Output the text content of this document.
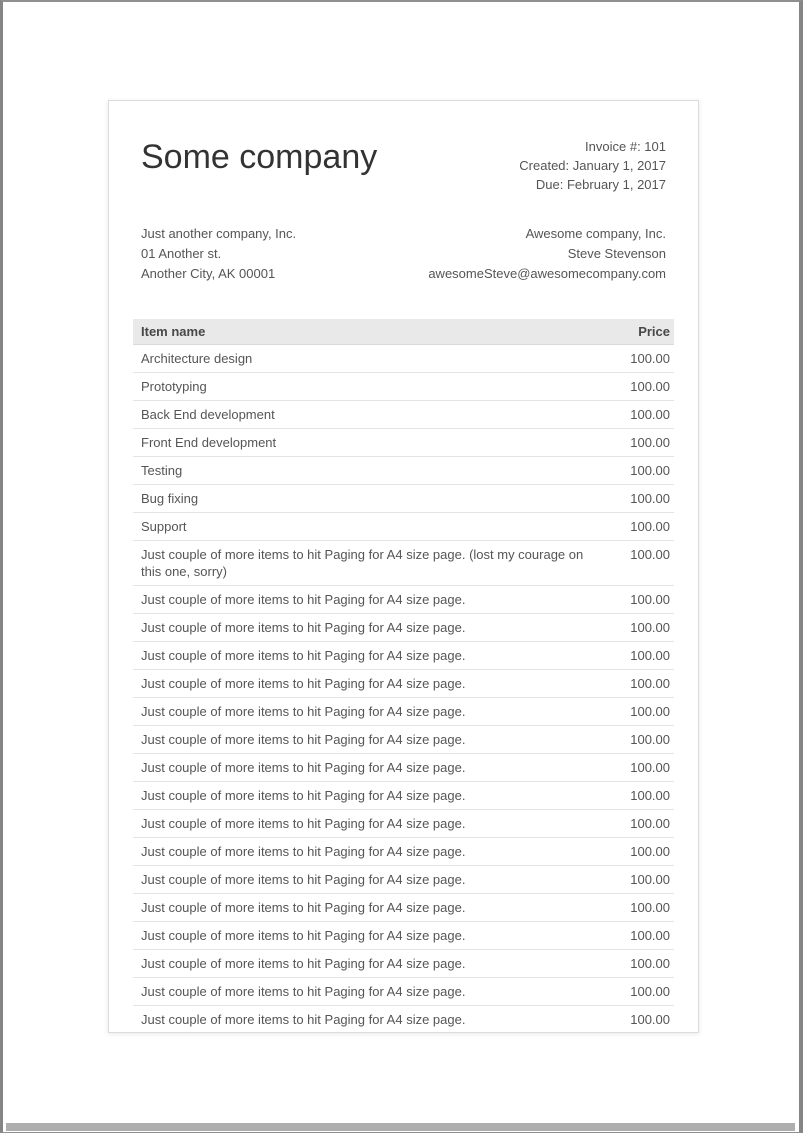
Some company	Invoice #: 101
Created: January 1, 2017
Due: February 1, 2017
Just another company, Inc.
01 Another st.
Another City, AK 00001
Awesome company, Inc.
Steve Stevenson
awesomeSteve@awesomecompany.com
Item name	Price
Architecture design	100.00
Prototyping	100.00
Back End development	100.00
Front End development	100.00
Testing	100.00
Bug fixing	100.00
Support	100.00
Just couple of more items to hit Paging for A4 size page. (lost my courage on this one, sorry)	100.00
Just couple of more items to hit Paging for A4 size page.	100.00
Just couple of more items to hit Paging for A4 size page.	100.00
Just couple of more items to hit Paging for A4 size page.	100.00
Just couple of more items to hit Paging for A4 size page.	100.00
Just couple of more items to hit Paging for A4 size page.	100.00
Just couple of more items to hit Paging for A4 size page.	100.00
Just couple of more items to hit Paging for A4 size page.	100.00
Just couple of more items to hit Paging for A4 size page.	100.00
Just couple of more items to hit Paging for A4 size page.	100.00
Just couple of more items to hit Paging for A4 size page.	100.00
Just couple of more items to hit Paging for A4 size page.	100.00
Just couple of more items to hit Paging for A4 size page.	100.00
Just couple of more items to hit Paging for A4 size page.	100.00
Just couple of more items to hit Paging for A4 size page.	100.00
Just couple of more items to hit Paging for A4 size page.	100.00
Just couple of more items to hit Paging for A4 size page.	100.00
